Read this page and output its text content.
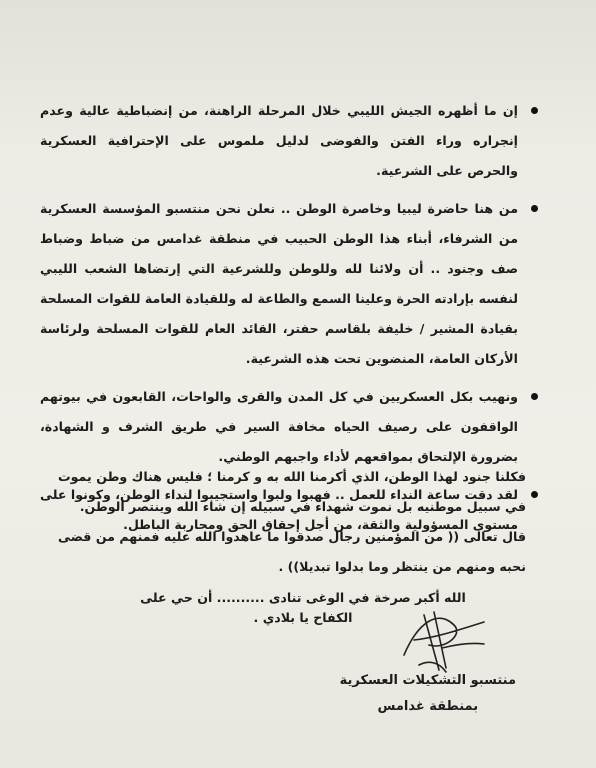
إن ما أظهره الجيش الليبي خلال المرحلة الراهنة، من إنضباطية عالية وعدم إنجراره وراء الفتن والفوضى لدليل ملموس على الإحترافية العسكرية والحرص على الشرعية.
من هنا حاضرة ليبيا وخاصرة الوطن .. نعلن نحن منتسبو المؤسسة العسكرية من الشرفاء، أبناء هذا الوطن الحبيب في منطقة غدامس من ضباط وضباط صف وجنود .. أن ولائنا لله وللوطن وللشرعية التي إرتضاها الشعب الليبي لنفسه بإرادته الحرة وعلينا السمع والطاعة له وللقيادة العامة للقوات المسلحة بقيادة المشير / خليفة بلقاسم حفتر، القائد العام للقوات المسلحة ولرئاسة الأركان العامة، المنضوين تحت هذه الشرعية.
ونهيب بكل العسكريين في كل المدن والقرى والواحات، القابعون في بيوتهم الواقفون على رصيف الحياه مخافة السير في طريق الشرف و الشهادة، بضرورة الإلتحاق بمواقعهم لأداء واجبهم الوطني.
لقد دقت ساعة النداء للعمل .. فهبوا ولبوا واستجيبوا لنداء الوطن، وكونوا على مستوى المسؤولية والثقة، من أجل إحقاق الحق ومحاربة الباطل.

فكلنا جنود لهذا الوطن، الذي أكرمنا الله به و كرمنا ؛ فليس هناك وطن يموت في سبيل موطنيه بل نموت شهداء في سبيله إن شاء الله وينتصر الوطن.

قال تعالى (( من المؤمنين رجال صدقوا ما عاهدوا الله عليه فمنهم من قضى نحبه ومنهم من ينتظر وما بدلوا تبديلا)) .

الله أكبر صرخة في الوغى تنادى .......... أن حي على الكفاح يا بلادي .
منتسبو التشكيلات العسكرية
بمنطقة غدامس
